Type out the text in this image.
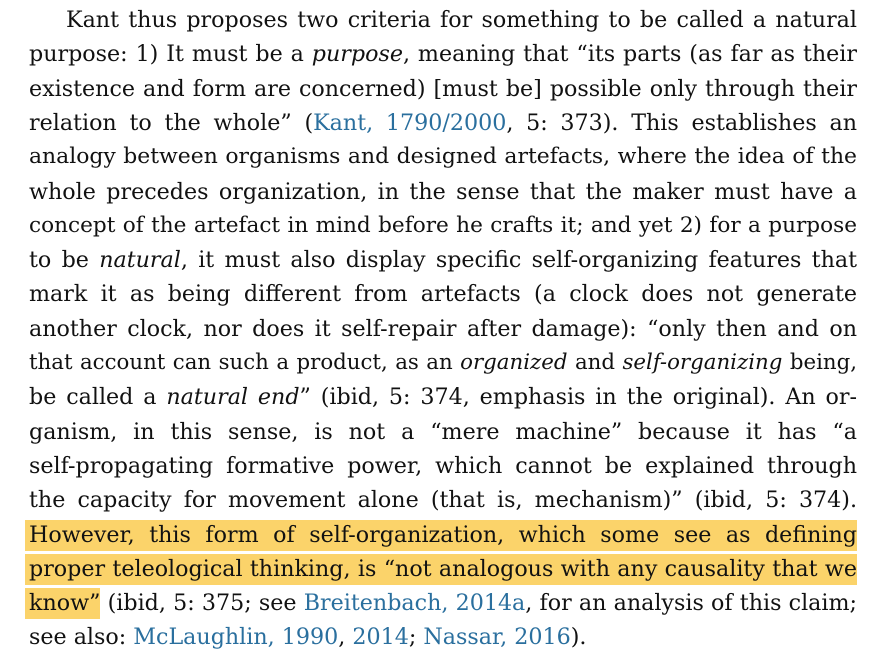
Kant thus proposes two criteria for something to be called a natural
purpose: 1) It must be a purpose, meaning that “its parts (as far as their
existence and form are concerned) [must be] possible only through their
relation to the whole” (Kant, 1790/2000, 5: 373). This establishes an
analogy between organisms and designed artefacts, where the idea of the
whole precedes organization, in the sense that the maker must have a
concept of the artefact in mind before he crafts it; and yet 2) for a purpose
to be natural, it must also display specific self-organizing features that
mark it as being different from artefacts (a clock does not generate
another clock, nor does it self-repair after damage): “only then and on
that account can such a product, as an organized and self-organizing being,
be called a natural end” (ibid, 5: 374, emphasis in the original). An or-
ganism, in this sense, is not a “mere machine” because it has “a
self-propagating formative power, which cannot be explained through
the capacity for movement alone (that is, mechanism)” (ibid, 5: 374).
However, this form of self-organization, which some see as defining
proper teleological thinking, is “not analogous with any causality that we
know” (ibid, 5: 375; see Breitenbach, 2014a, for an analysis of this claim;
see also: McLaughlin, 1990, 2014; Nassar, 2016).
